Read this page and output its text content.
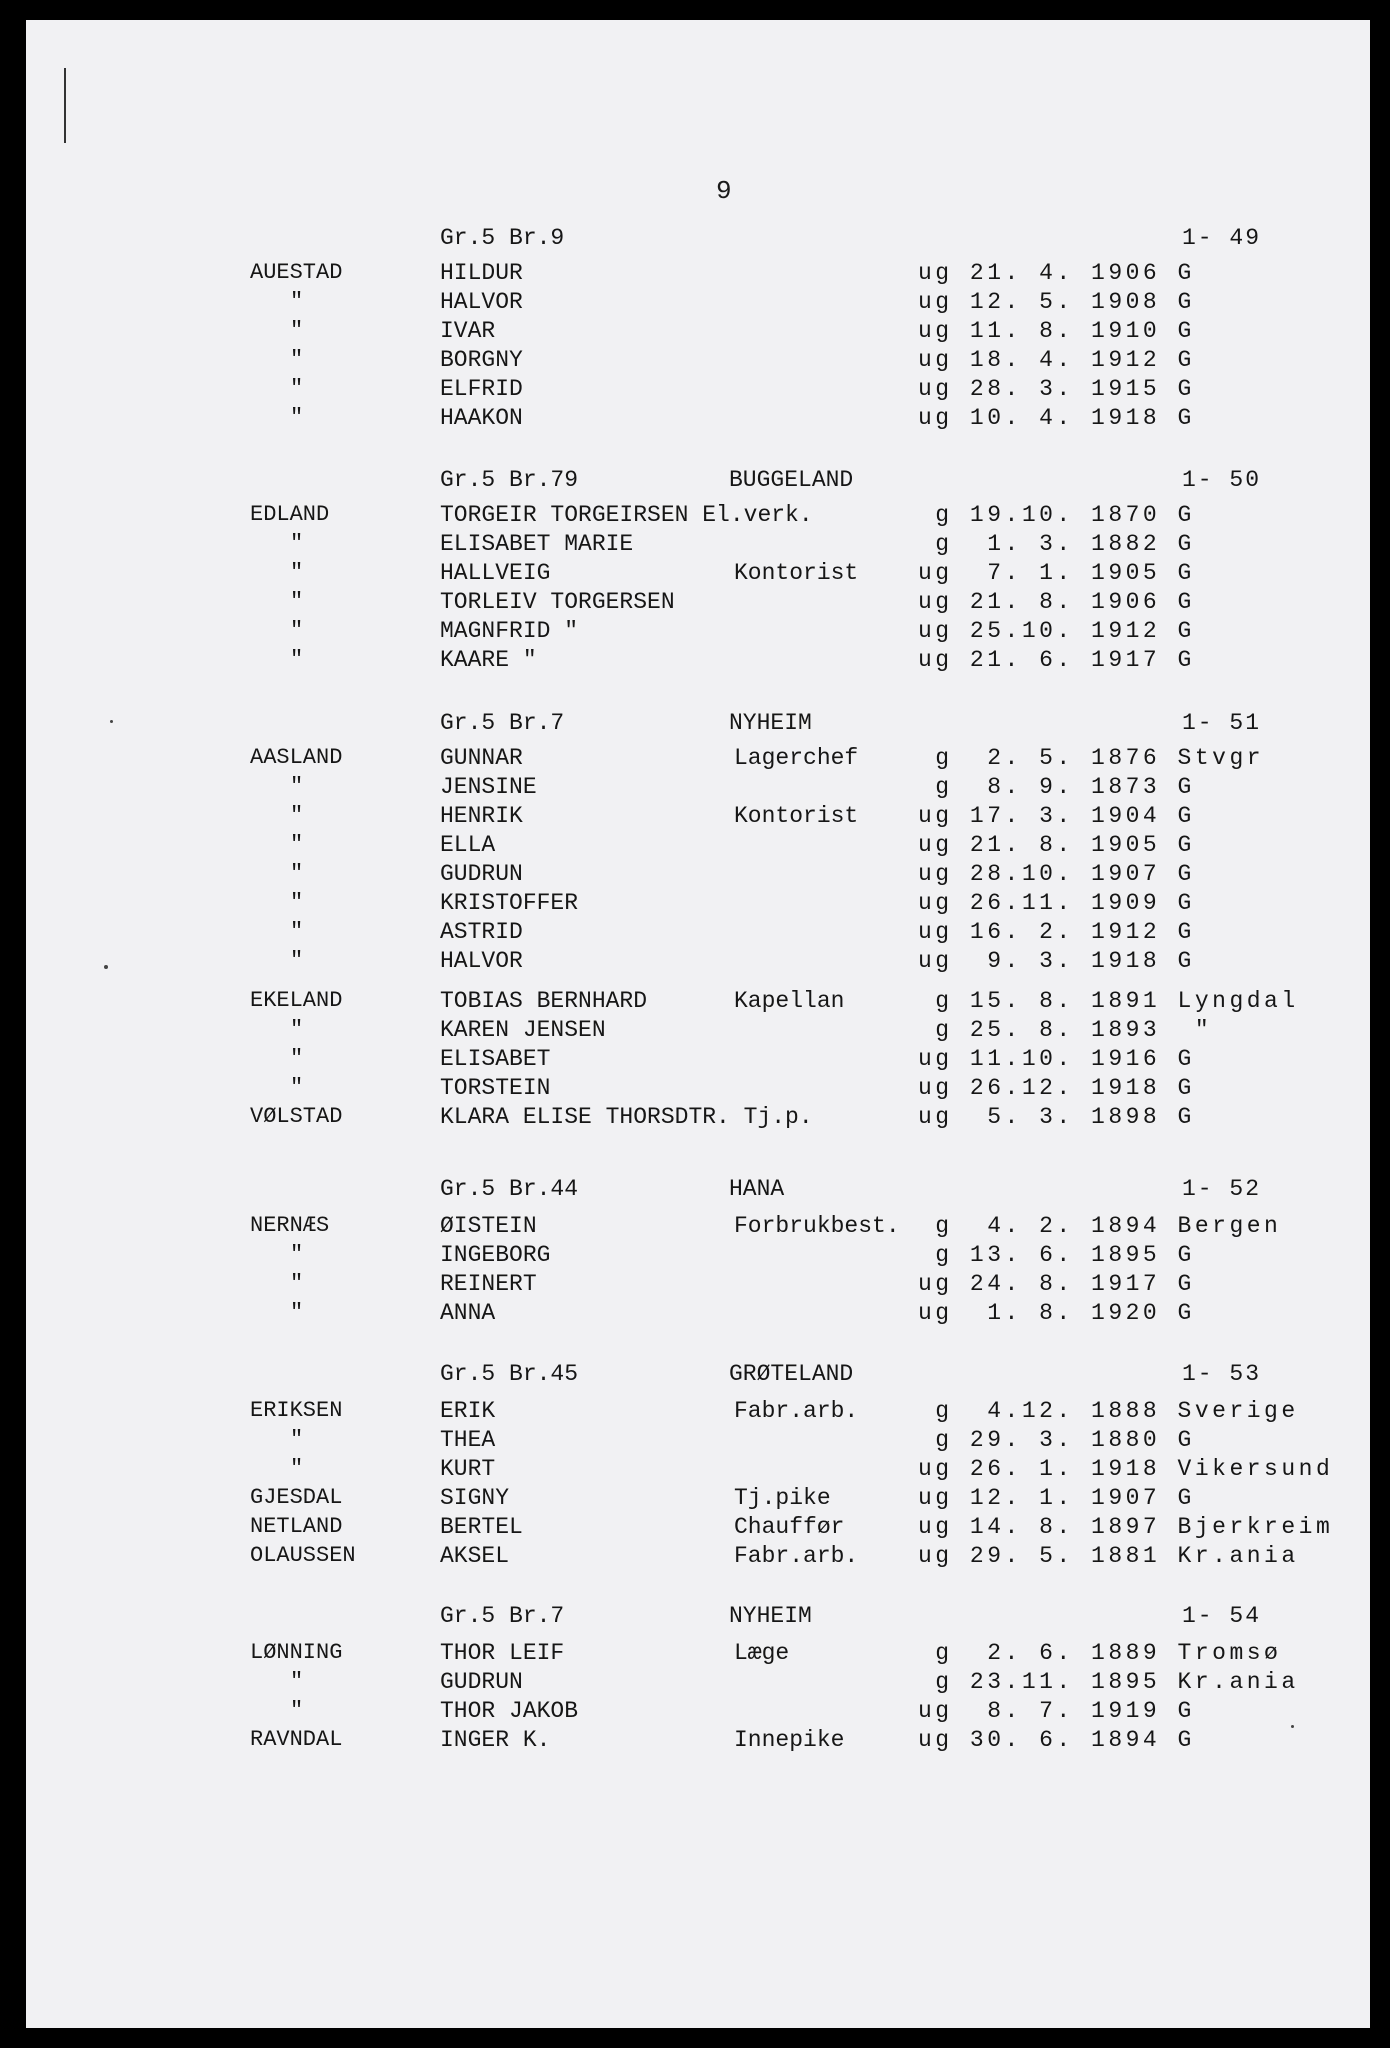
9
Gr.5 Br.9	1- 49
AUESTAD	HILDUR	ug 21. 4. 1906 G
"	HALVOR	ug 12. 5. 1908 G
"	IVAR	ug 11. 8. 1910 G
"	BORGNY	ug 18. 4. 1912 G
"	ELFRID	ug 28. 3. 1915 G
"	HAAKON	ug 10. 4. 1918 G
Gr.5 Br.79	BUGGELAND	1- 50
EDLAND	TORGEIR TORGEIRSEN El.verk.	g 19.10. 1870 G
"	ELISABET MARIE	g  1. 3. 1882 G
"	HALLVEIG	Kontorist	ug  7. 1. 1905 G
"	TORLEIV TORGERSEN	ug 21. 8. 1906 G
"	MAGNFRID "	ug 25.10. 1912 G
"	KAARE "	ug 21. 6. 1917 G
Gr.5 Br.7	NYHEIM	1- 51
AASLAND	GUNNAR	Lagerchef	g  2. 5. 1876 Stvgr
"	JENSINE	g  8. 9. 1873 G
"	HENRIK	Kontorist	ug 17. 3. 1904 G
"	ELLA	ug 21. 8. 1905 G
"	GUDRUN	ug 28.10. 1907 G
"	KRISTOFFER	ug 26.11. 1909 G
"	ASTRID	ug 16. 2. 1912 G
"	HALVOR	ug  9. 3. 1918 G
EKELAND	TOBIAS BERNHARD	Kapellan	g 15. 8. 1891 Lyngdal
"	KAREN JENSEN	g 25. 8. 1893  "
"	ELISABET	ug 11.10. 1916 G
"	TORSTEIN	ug 26.12. 1918 G
VØLSTAD	KLARA ELISE THORSDTR. Tj.p.	ug  5. 3. 1898 G
Gr.5 Br.44	HANA	1- 52
NERNÆS	ØISTEIN	Forbrukbest. g  4. 2. 1894 Bergen
"	INGEBORG	g 13. 6. 1895 G
"	REINERT	ug 24. 8. 1917 G
"	ANNA	ug  1. 8. 1920 G
Gr.5 Br.45	GRØTELAND	1- 53
ERIKSEN	ERIK	Fabr.arb.	g  4.12. 1888 Sverige
"	THEA	g 29. 3. 1880 G
"	KURT	ug 26. 1. 1918 Vikersund
GJESDAL	SIGNY	Tj.pike	ug 12. 1. 1907 G
NETLAND	BERTEL	Chauffør	ug 14. 8. 1897 Bjerkreim
OLAUSSEN	AKSEL	Fabr.arb.	ug 29. 5. 1881 Kr.ania
Gr.5 Br.7	NYHEIM	1- 54
LØNNING	THOR LEIF	Læge	g  2. 6. 1889 Tromsø
"	GUDRUN	g 23.11. 1895 Kr.ania
"	THOR JAKOB	ug  8. 7. 1919 G
RAVNDAL	INGER K.	Innepike	ug 30. 6. 1894 G
